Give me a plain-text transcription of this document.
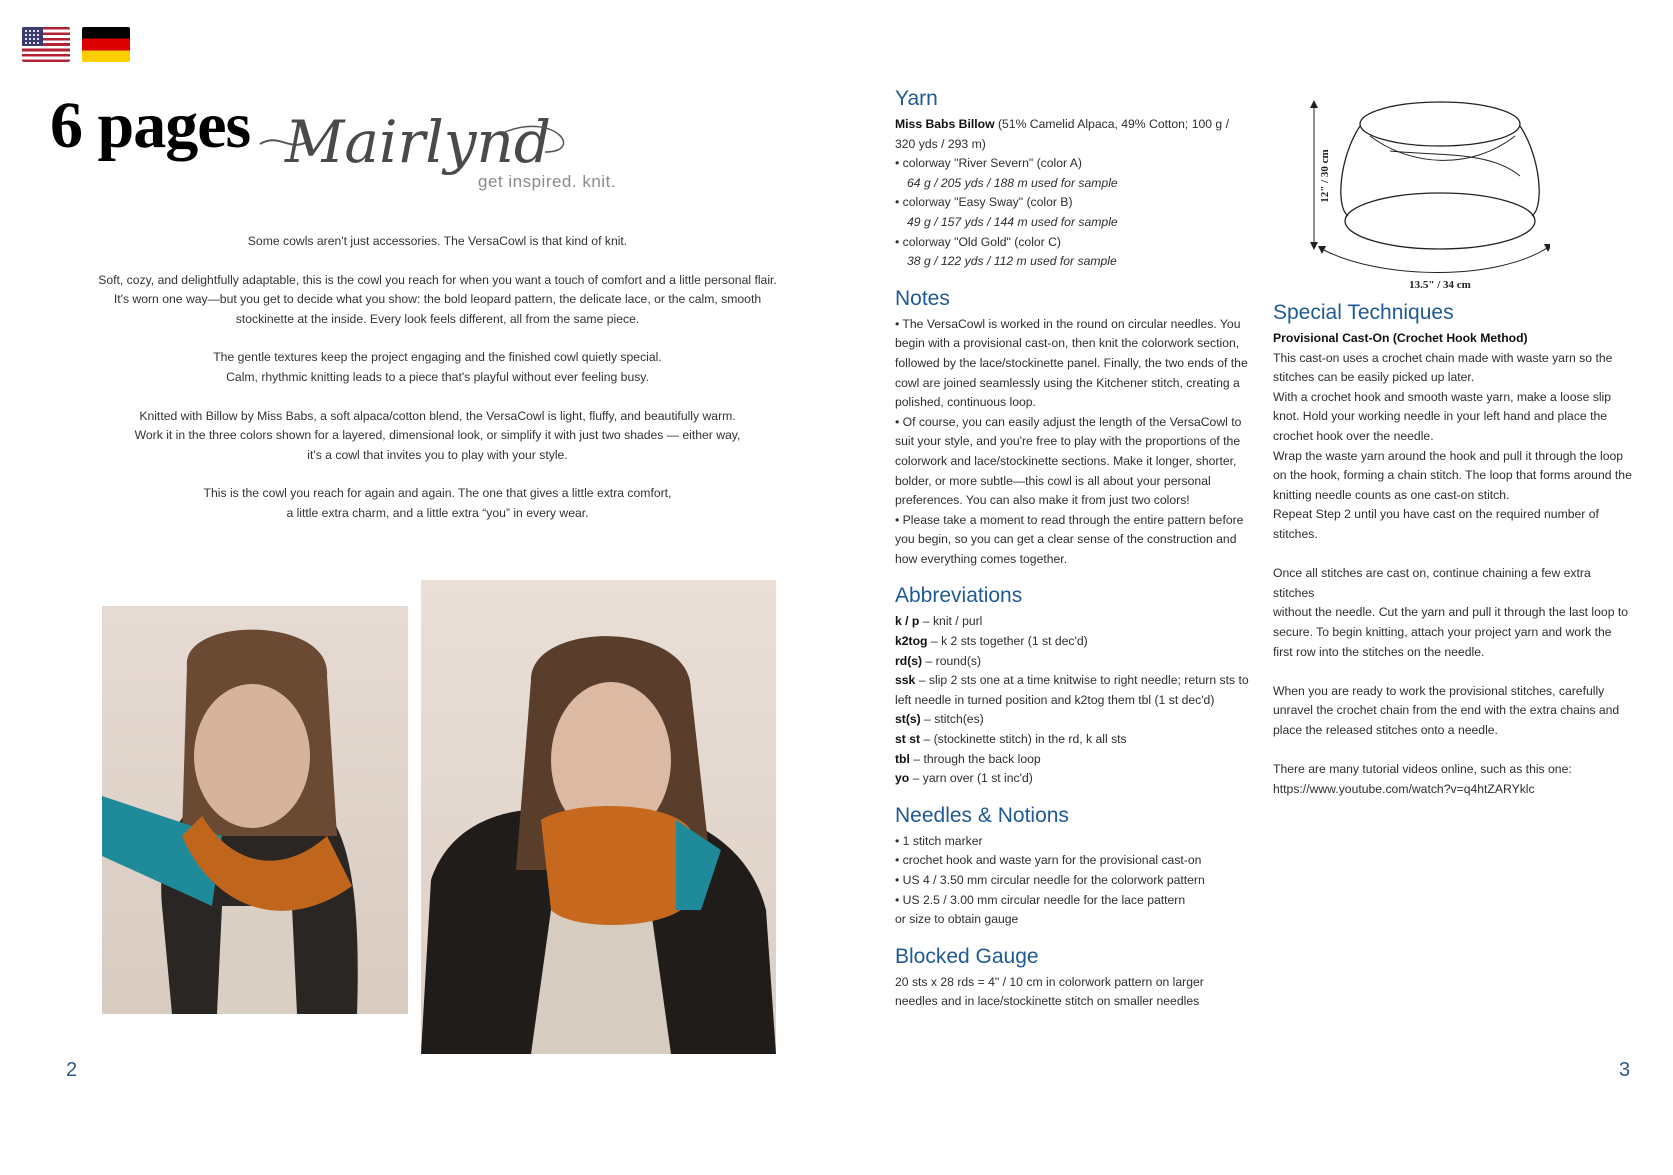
6 pages Mairlynd
get inspired. knit.

Some cowls aren't just accessories. The VersaCowl is that kind of knit.

Soft, cozy, and delightfully adaptable, this is the cowl you reach for when you want a touch of comfort and a little personal flair.
It's worn one way—but you get to decide what you show: the bold leopard pattern, the delicate lace, or the calm, smooth
stockinette at the inside. Every look feels different, all from the same piece.

The gentle textures keep the project engaging and the finished cowl quietly special.
Calm, rhythmic knitting leads to a piece that's playful without ever feeling busy.

Knitted with Billow by Miss Babs, a soft alpaca/cotton blend, the VersaCowl is light, fluffy, and beautifully warm.
Work it in the three colors shown for a layered, dimensional look, or simplify it with just two shades — either way,
it's a cowl that invites you to play with your style.

This is the cowl you reach for again and again. The one that gives a little extra comfort,
a little extra charm, and a little extra “you” in every wear.

2	3
Yarn
Miss Babs Billow (51% Camelid Alpaca, 49% Cotton; 100 g /
320 yds / 293 m)
• colorway "River Severn" (color A)
64 g / 205 yds / 188 m used for sample
• colorway "Easy Sway" (color B)
49 g / 157 yds / 144 m used for sample
• colorway "Old Gold" (color C)
38 g / 122 yds / 112 m used for sample
Notes
• The VersaCowl is worked in the round on circular needles. You
begin with a provisional cast-on, then knit the colorwork section,
followed by the lace/stockinette panel. Finally, the two ends of the
cowl are joined seamlessly using the Kitchener stitch, creating a
polished, continuous loop.
• Of course, you can easily adjust the length of the VersaCowl to
suit your style, and you're free to play with the proportions of the
colorwork and lace/stockinette sections. Make it longer, shorter,
bolder, or more subtle—this cowl is all about your personal
preferences. You can also make it from just two colors!
• Please take a moment to read through the entire pattern before
you begin, so you can get a clear sense of the construction and
how everything comes together.
Abbreviations
k / p – knit / purl
k2tog – k 2 sts together (1 st dec'd)
rd(s) – round(s)
ssk – slip 2 sts one at a time knitwise to right needle; return sts to
left needle in turned position and k2tog them tbl (1 st dec'd)
st(s) – stitch(es)
st st – (stockinette stitch) in the rd, k all sts
tbl – through the back loop
yo – yarn over (1 st inc'd)
Needles & Notions
• 1 stitch marker
• crochet hook and waste yarn for the provisional cast-on
• US 4 / 3.50 mm circular needle for the colorwork pattern
• US 2.5 / 3.00 mm circular needle for the lace pattern
or size to obtain gauge
Blocked Gauge
20 sts x 28 rds = 4" / 10 cm in colorwork pattern on larger
needles and in lace/stockinette stitch on smaller needles
12" / 30 cm
13.5" / 34 cm
Special Techniques
Provisional Cast-On (Crochet Hook Method)
This cast-on uses a crochet chain made with waste yarn so the
stitches can be easily picked up later.
With a crochet hook and smooth waste yarn, make a loose slip
knot. Hold your working needle in your left hand and place the
crochet hook over the needle.
Wrap the waste yarn around the hook and pull it through the loop
on the hook, forming a chain stitch. The loop that forms around the
knitting needle counts as one cast-on stitch.
Repeat Step 2 until you have cast on the required number of
stitches.
Once all stitches are cast on, continue chaining a few extra stitches
without the needle. Cut the yarn and pull it through the last loop to
secure. To begin knitting, attach your project yarn and work the
first row into the stitches on the needle.
When you are ready to work the provisional stitches, carefully
unravel the crochet chain from the end with the extra chains and
place the released stitches onto a needle.
There are many tutorial videos online, such as this one:
https://www.youtube.com/watch?v=q4htZARYklc
